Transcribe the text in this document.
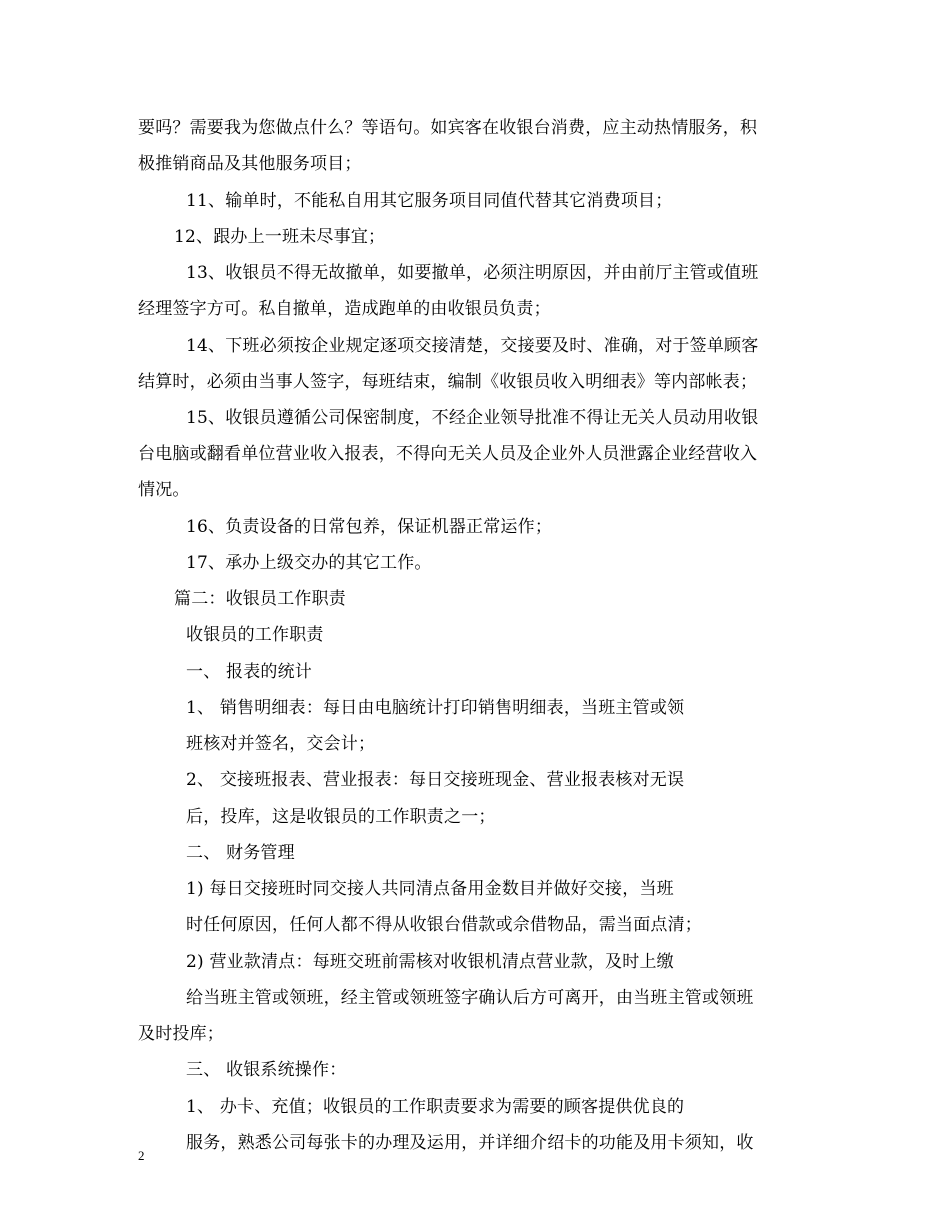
要吗？需要我为您做点什么？等语句。如宾客在收银台消费，应主动热情服务，积
极推销商品及其他服务项目；
11、输单时，不能私自用其它服务项目同值代替其它消费项目；
12、跟办上一班未尽事宜；
13、收银员不得无故撤单，如要撤单，必须注明原因，并由前厅主管或值班
经理签字方可。私自撤单，造成跑单的由收银员负责；
14、下班必须按企业规定逐项交接清楚，交接要及时、准确，对于签单顾客
结算时，必须由当事人签字，每班结束，编制《收银员收入明细表》等内部帐表；
15、收银员遵循公司保密制度，不经企业领导批准不得让无关人员动用收银
台电脑或翻看单位营业收入报表，不得向无关人员及企业外人员泄露企业经营收入
情况。
16、负责设备的日常包养，保证机器正常运作；
17、承办上级交办的其它工作。
篇二：收银员工作职责
收银员的工作职责
一、 报表的统计
1、 销售明细表：每日由电脑统计打印销售明细表，当班主管或领
班核对并签名，交会计；
2、 交接班报表、营业报表：每日交接班现金、营业报表核对无误
后，投库，这是收银员的工作职责之一；
二、 财务管理
1) 每日交接班时同交接人共同清点备用金数目并做好交接，当班
时任何原因，任何人都不得从收银台借款或佘借物品，需当面点清；
2) 营业款清点：每班交班前需核对收银机清点营业款，及时上缴
给当班主管或领班，经主管或领班签字确认后方可离开，由当班主管或领班
及时投库；
三、 收银系统操作：
1、 办卡、充值；收银员的工作职责要求为需要的顾客提供优良的
服务，熟悉公司每张卡的办理及运用，并详细介绍卡的功能及用卡须知，收
2
